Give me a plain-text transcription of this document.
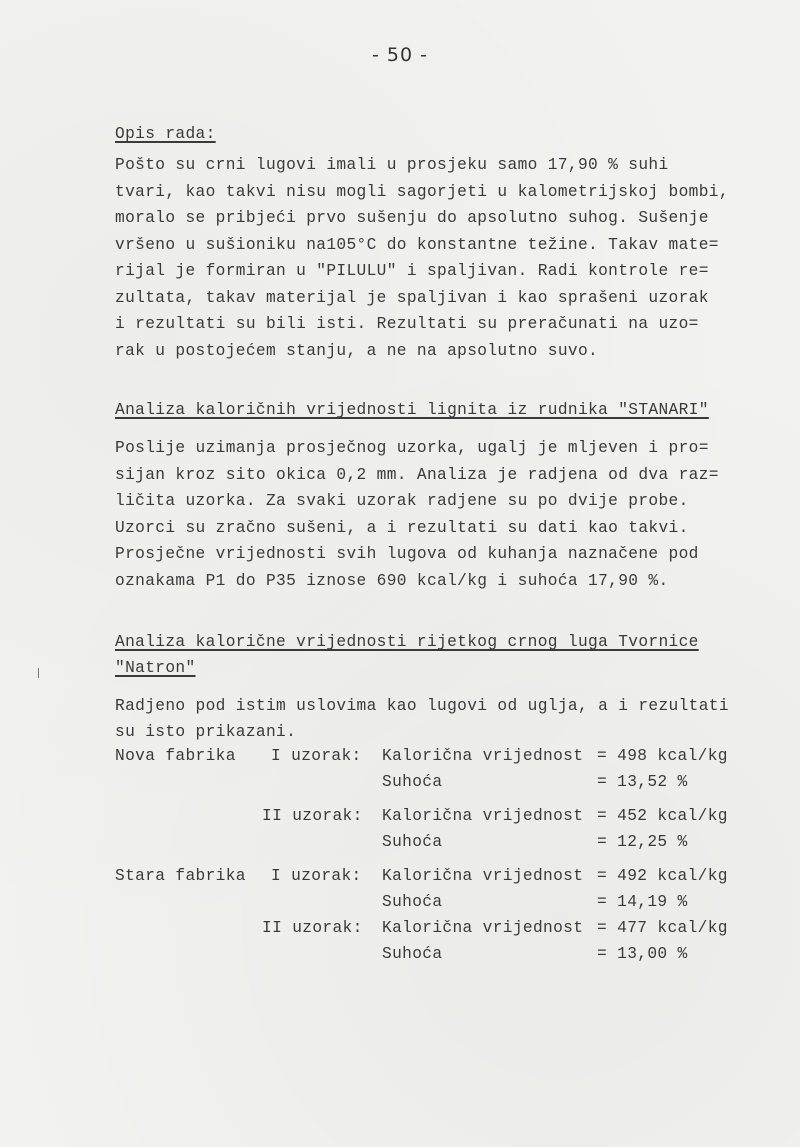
- 50 -
Opis rada:
Pošto su crni lugovi imali u prosjeku samo 17,90 % suhi
tvari, kao takvi nisu mogli sagorjeti u kalometrijskoj bombi,
moralo se pribjeći prvo sušenju do apsolutno suhog. Sušenje
vršeno u sušioniku na105°C do konstantne težine. Takav mate=
rijal je formiran u "PILULU" i spaljivan. Radi kontrole re=
zultata, takav materijal je spaljivan i kao sprašeni uzorak
i rezultati su bili isti. Rezultati su preračunati na uzo=
rak u postojećem stanju, a ne na apsolutno suvo.
Analiza kaloričnih vrijednosti lignita iz rudnika "STANARI"
Poslije uzimanja prosječnog uzorka, ugalj je mljeven i pro=
sijan kroz sito okica 0,2 mm. Analiza je radjena od dva raz=
ličita uzorka. Za svaki uzorak radjene su po dvije probe.
Uzorci su zračno sušeni, a i rezultati su dati kao takvi.
Prosječne vrijednosti svih lugova od kuhanja naznačene pod
oznakama P1 do P35 iznose 690 kcal/kg i suhoća 17,90 %.
Analiza kalorične vrijednosti rijetkog crnog luga Tvornice
"Natron"
Radjeno pod istim uslovima kao lugovi od uglja, a i rezultati
su isto prikazani.
Nova fabrika I uzorak: Kalorična vrijednost = 498 kcal/kg
Suhoća	= 13,52 %
II uzorak: Kalorična vrijednost = 452 kcal/kg
Suhoća	= 12,25 %
Stara fabrika I uzorak: Kalorična vrijednost = 492 kcal/kg
Suhoća	= 14,19 %
II uzorak: Kalorična vrijednost = 477 kcal/kg
Suhoća	= 13,00 %
